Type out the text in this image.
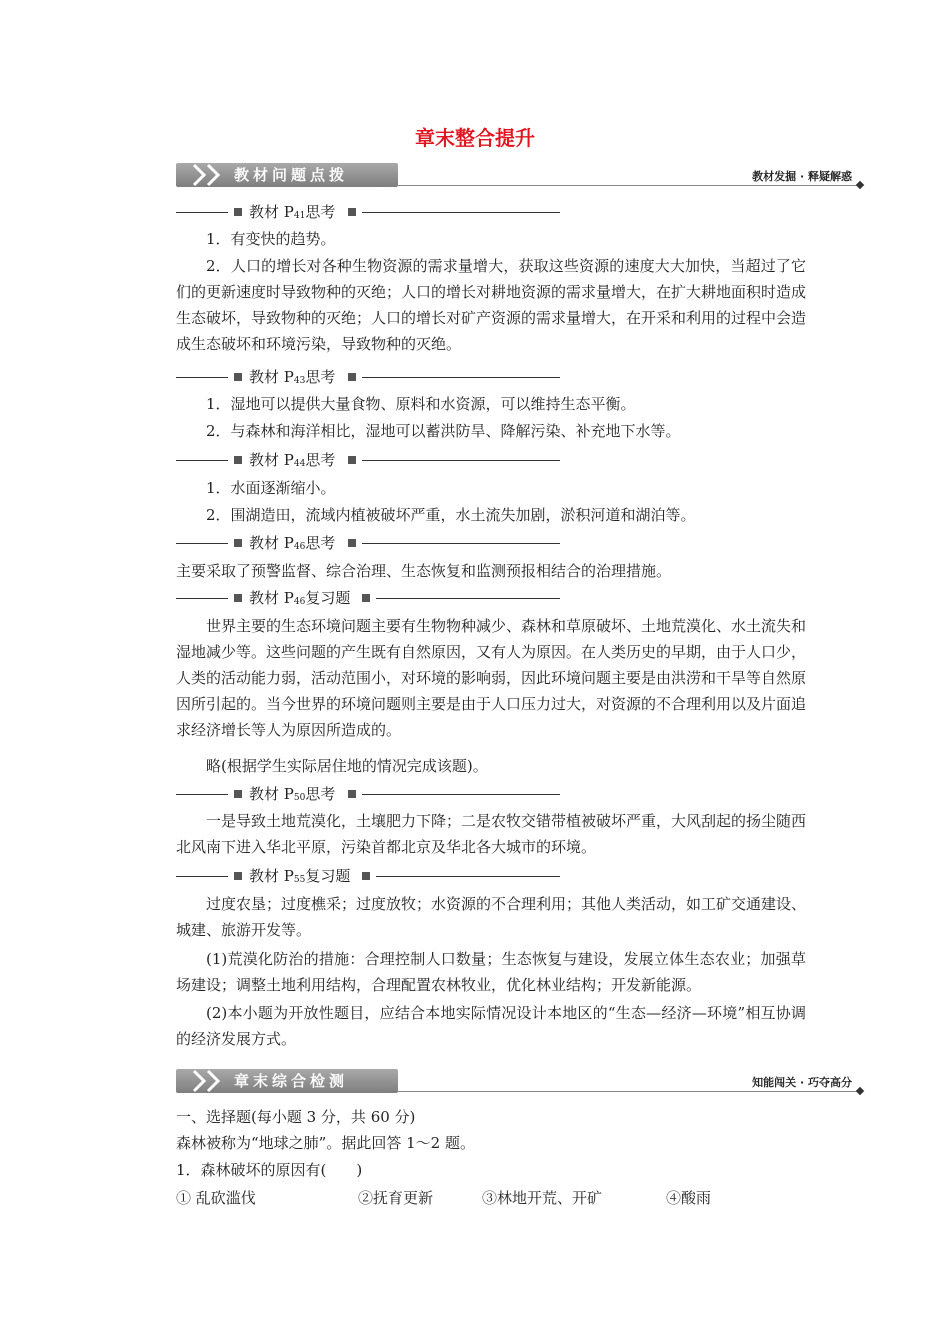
章末整合提升
教材问题点拨	教材发掘 · 释疑解惑
教材 $P_{41}$思考
1．有变快的趋势。
2．人口的增长对各种生物资源的需求量增大，获取这些资源的速度大大加快，当超过了它们的更新速度时导致物种的灭绝；人口的增长对耕地资源的需求量增大，在扩大耕地面积时造成生态破坏，导致物种的灭绝；人口的增长对矿产资源的需求量增大，在开采和利用的过程中会造成生态破坏和环境污染，导致物种的灭绝。
教材 $P_{43}$思考
1．湿地可以提供大量食物、原料和水资源，可以维持生态平衡。
2．与森林和海洋相比，湿地可以蓄洪防旱、降解污染、补充地下水等。
教材 $P_{44}$思考
1．水面逐渐缩小。
2．围湖造田，流域内植被破坏严重，水土流失加剧，淤积河道和湖泊等。
教材 $P_{46}$思考
主要采取了预警监督、综合治理、生态恢复和监测预报相结合的治理措施。
教材 $P_{46}$复习题
世界主要的生态环境问题主要有生物物种减少、森林和草原破坏、土地荒漠化、水土流失和湿地减少等。这些问题的产生既有自然原因，又有人为原因。在人类历史的早期，由于人口少，人类的活动能力弱，活动范围小，对环境的影响弱，因此环境问题主要是由洪涝和干旱等自然原因所引起的。当今世界的环境问题则主要是由于人口压力过大，对资源的不合理利用以及片面追求经济增长等人为原因所造成的。
略(根据学生实际居住地的情况完成该题)。
教材 $P_{50}$思考
一是导致土地荒漠化，土壤肥力下降；二是农牧交错带植被破坏严重，大风刮起的扬尘随西北风南下进入华北平原，污染首都北京及华北各大城市的环境。
教材 $P_{55}$复习题
过度农垦；过度樵采；过度放牧；水资源的不合理利用；其他人类活动，如工矿交通建设、城建、旅游开发等。
(1)荒漠化防治的措施：合理控制人口数量；生态恢复与建设，发展立体生态农业；加强草场建设；调整土地利用结构，合理配置农林牧业，优化林业结构；开发新能源。
(2)本小题为开放性题目，应结合本地实际情况设计本地区的“生态—经济—环境”相互协调的经济发展方式。
章末综合检测	知能闯关 · 巧夺高分
一、选择题(每小题 3 分，共 60 分)
森林被称为“地球之肺”。据此回答 1～2 题。
1．森林破坏的原因有(　　)
① 乱砍滥伐	②抚育更新	③林地开荒、开矿	④酸雨
